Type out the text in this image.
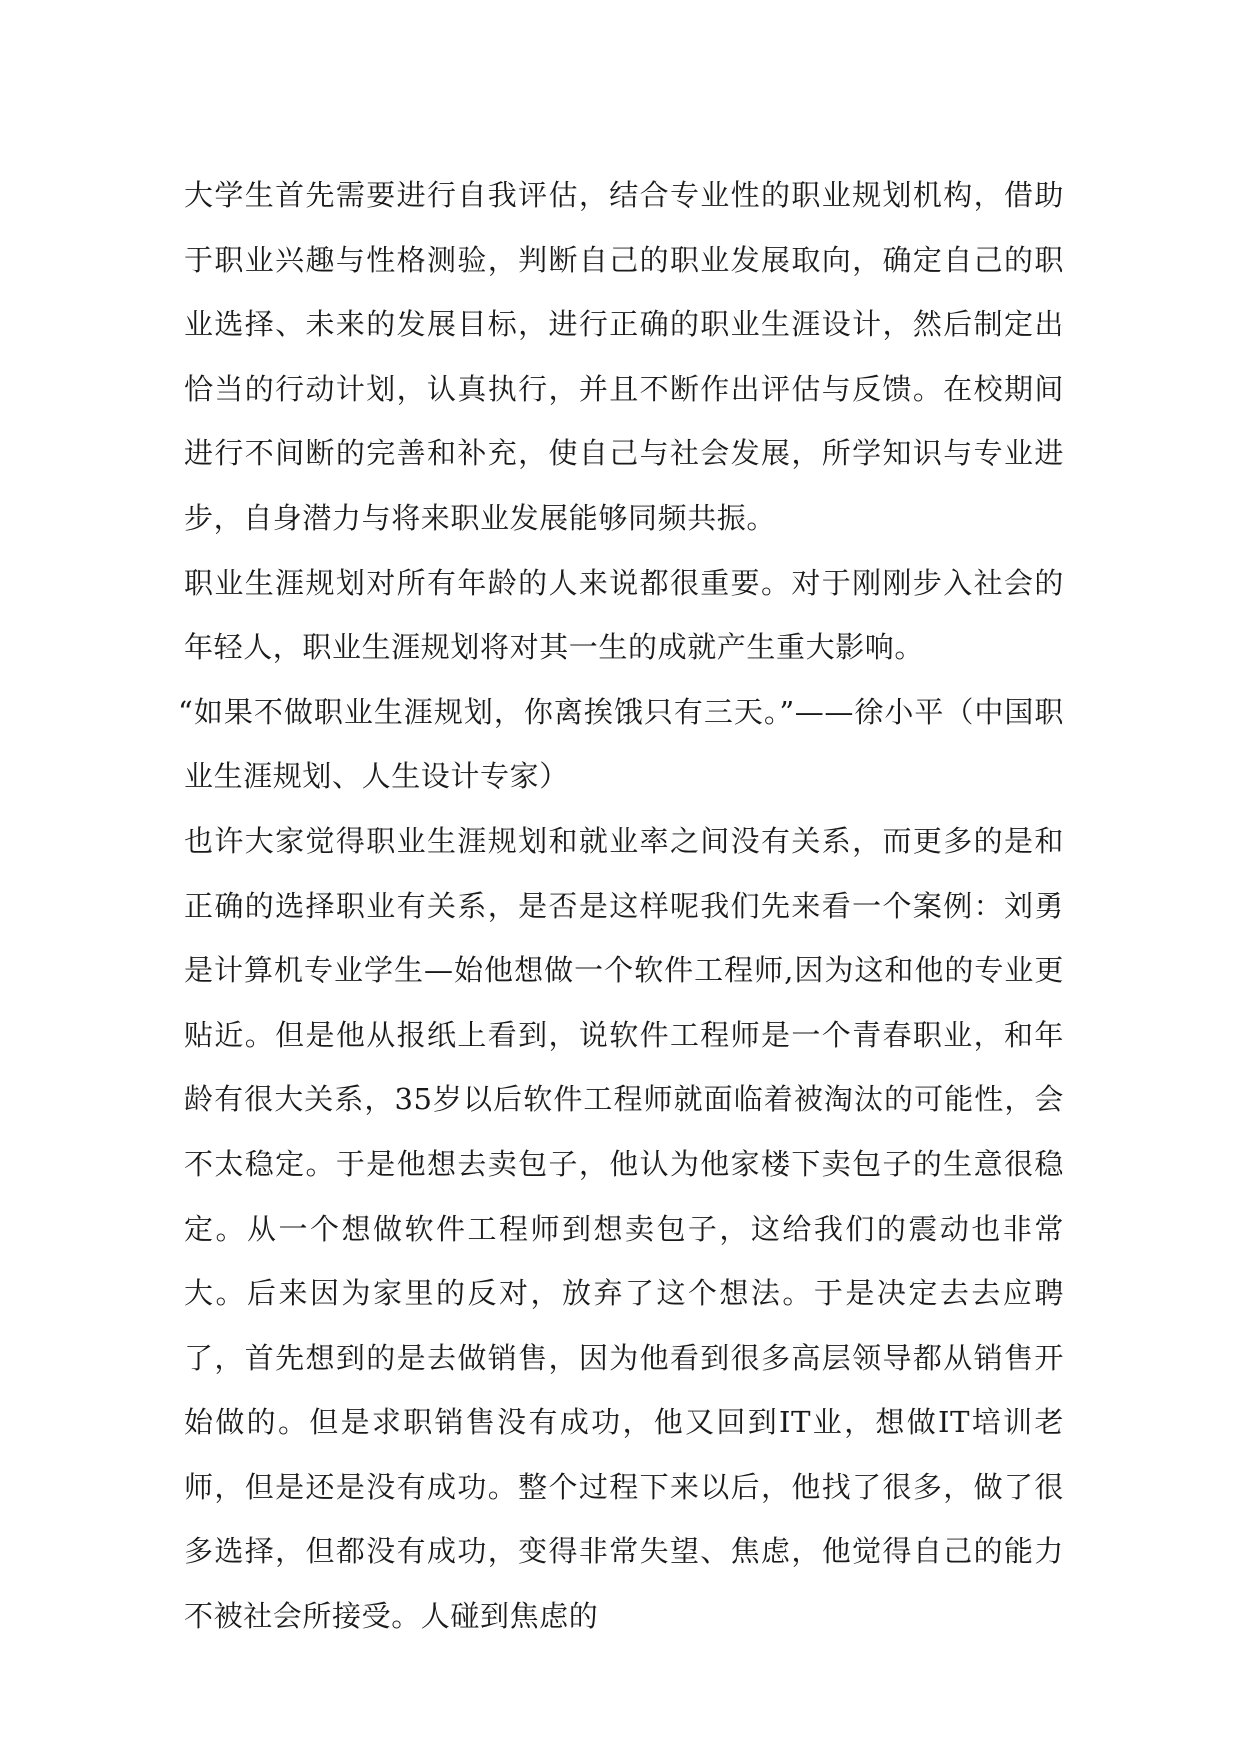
大学生首先需要进行自我评估，结合专业性的职业规划机构，借助于职业兴趣与性格测验，判断自己的职业发展取向，确定自己的职业选择、未来的发展目标，进行正确的职业生涯设计，然后制定出恰当的行动计划，认真执行，并且不断作出评估与反馈。在校期间进行不间断的完善和补充，使自己与社会发展，所学知识与专业进步，自身潜力与将来职业发展能够同频共振。

职业生涯规划对所有年龄的人来说都很重要。对于刚刚步入社会的年轻人，职业生涯规划将对其一生的成就产生重大影响。

“如果不做职业生涯规划，你离挨饿只有三天。”——徐小平（中国职业生涯规划、人生设计专家）

也许大家觉得职业生涯规划和就业率之间没有关系，而更多的是和正确的选择职业有关系，是否是这样呢我们先来看一个案例：刘勇是计算机专业学生—始他想做一个软件工程师,因为这和他的专业更贴近。但是他从报纸上看到，说软件工程师是一个青春职业，和年龄有很大关系，35岁以后软件工程师就面临着被淘汰的可能性，会不太稳定。于是他想去卖包子，他认为他家楼下卖包子的生意很稳定。从一个想做软件工程师到想卖包子，这给我们的震动也非常大。后来因为家里的反对，放弃了这个想法。于是决定去去应聘了，首先想到的是去做销售，因为他看到很多高层领导都从销售开始做的。但是求职销售没有成功，他又回到IT业，想做IT培训老师，但是还是没有成功。整个过程下来以后，他找了很多，做了很多选择，但都没有成功，变得非常失望、焦虑，他觉得自己的能力不被社会所接受。人碰到焦虑的
